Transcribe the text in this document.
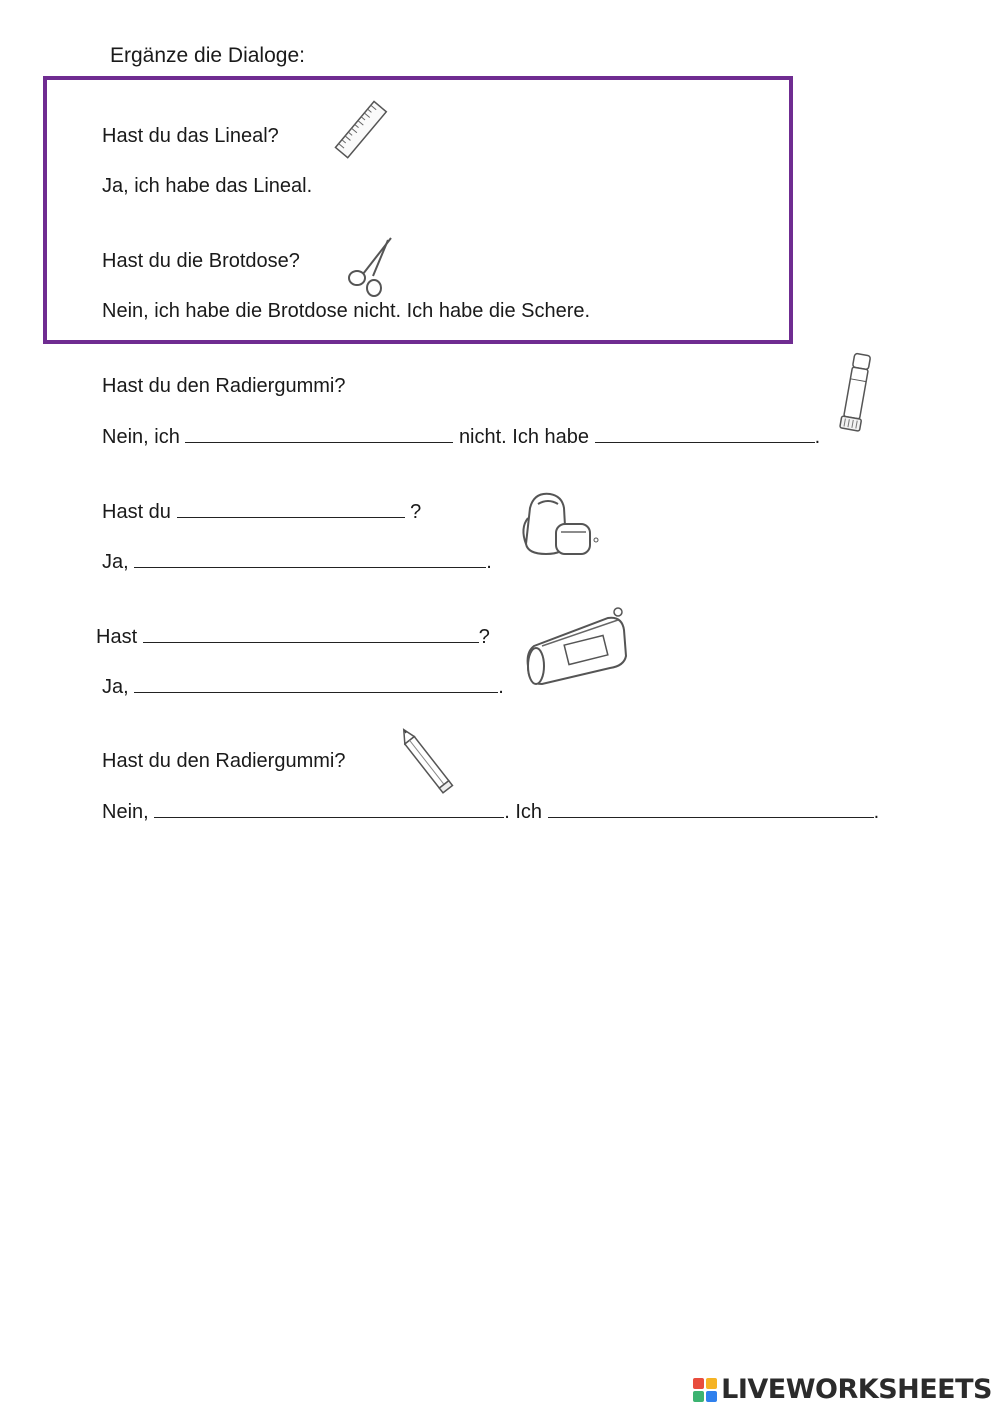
Ergänze die Dialoge:
Hast du das Lineal?
Ja, ich habe das Lineal.
Hast du die Brotdose?
Nein, ich habe die Brotdose nicht. Ich habe die Schere.
Hast du den Radiergummi?
Nein, ich	nicht. Ich habe	.
Hast du	?
Ja,	.
Hast	?
Ja,	.
Hast du den Radiergummi?
Nein,	. Ich	.
LIVEWORKSHEETS
